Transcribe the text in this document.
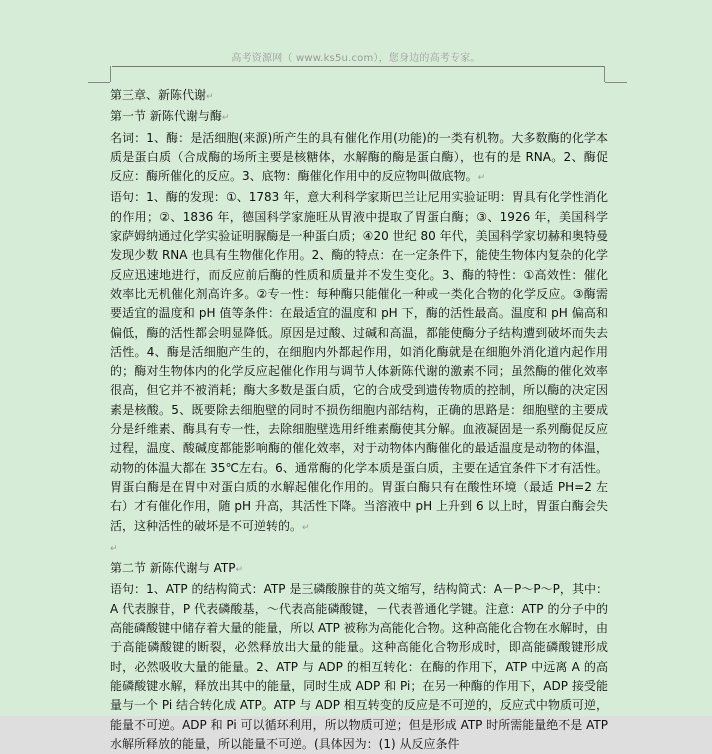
高考资源网（ www.ks5u.com），您身边的高考专家。

第三章、新陈代谢↵

第一节 新陈代谢与酶↵

名词：1、酶：是活细胞(来源)所产生的具有催化作用(功能)的一类有机物。大多数酶的化学本质是蛋白质（合成酶的场所主要是核糖体，水解酶的酶是蛋白酶），也有的是 RNA。2、酶促反应：酶所催化的反应。3、底物：酶催化作用中的反应物叫做底物。↵

语句：1、酶的发现：①、1783 年，意大利科学家斯巴兰让尼用实验证明：胃具有化学性消化的作用；②、1836 年，德国科学家施旺从胃液中提取了胃蛋白酶；③、1926 年，美国科学家萨姆纳通过化学实验证明脲酶是一种蛋白质；④20 世纪 80 年代，美国科学家切赫和奥特曼发现少数 RNA 也具有生物催化作用。2、酶的特点：在一定条件下，能使生物体内复杂的化学反应迅速地进行，而反应前后酶的性质和质量并不发生变化。3、酶的特性：①高效性：催化效率比无机催化剂高许多。②专一性：每种酶只能催化一种或一类化合物的化学反应。③酶需要适宜的温度和 pH 值等条件：在最适宜的温度和 pH 下，酶的活性最高。温度和 pH 偏高和偏低，酶的活性都会明显降低。原因是过酸、过碱和高温，都能使酶分子结构遭到破坏而失去活性。4、酶是活细胞产生的，在细胞内外都起作用，如消化酶就是在细胞外消化道内起作用的；酶对生物体内的化学反应起催化作用与调节人体新陈代谢的激素不同；虽然酶的催化效率很高，但它并不被消耗；酶大多数是蛋白质，它的合成受到遗传物质的控制，所以酶的决定因素是核酸。5、既要除去细胞壁的同时不损伤细胞内部结构，正确的思路是：细胞壁的主要成分是纤维素、酶具有专一性，去除细胞壁选用纤维素酶使其分解。血液凝固是一系列酶促反应过程，温度、酸碱度都能影响酶的催化效率，对于动物体内酶催化的最适温度是动物的体温，动物的体温大都在 35℃左右。6、通常酶的化学本质是蛋白质，主要在适宜条件下才有活性。胃蛋白酶是在胃中对蛋白质的水解起催化作用的。胃蛋白酶只有在酸性环境（最适 PH=2 左右）才有催化作用，随 pH 升高，其活性下降。当溶液中 pH 上升到 6 以上时，胃蛋白酶会失活，这种活性的破坏是不可逆转的。↵

↵

第二节 新陈代谢与 ATP↵

语句：1、ATP 的结构简式：ATP 是三磷酸腺苷的英文缩写，结构简式：A－P～P～P，其中：A 代表腺苷，P 代表磷酸基，～代表高能磷酸键，－代表普通化学键。注意：ATP 的分子中的高能磷酸键中储存着大量的能量，所以 ATP 被称为高能化合物。这种高能化合物在水解时，由于高能磷酸键的断裂，必然释放出大量的能量。这种高能化合物形成时，即高能磷酸键形成时，必然吸收大量的能量。2、ATP 与 ADP 的相互转化：在酶的作用下，ATP 中远离 A 的高能磷酸键水解，释放出其中的能量，同时生成 ADP 和 Pi；在另一种酶的作用下，ADP 接受能量与一个 Pi 结合转化成 ATP。ATP 与 ADP 相互转变的反应是不可逆的，反应式中物质可逆，能量不可逆。ADP 和 Pi 可以循环利用，所以物质可逆；但是形成 ATP 时所需能量绝不是 ATP 水解所释放的能量，所以能量不可逆。(具体因为：(1) 从反应条件
